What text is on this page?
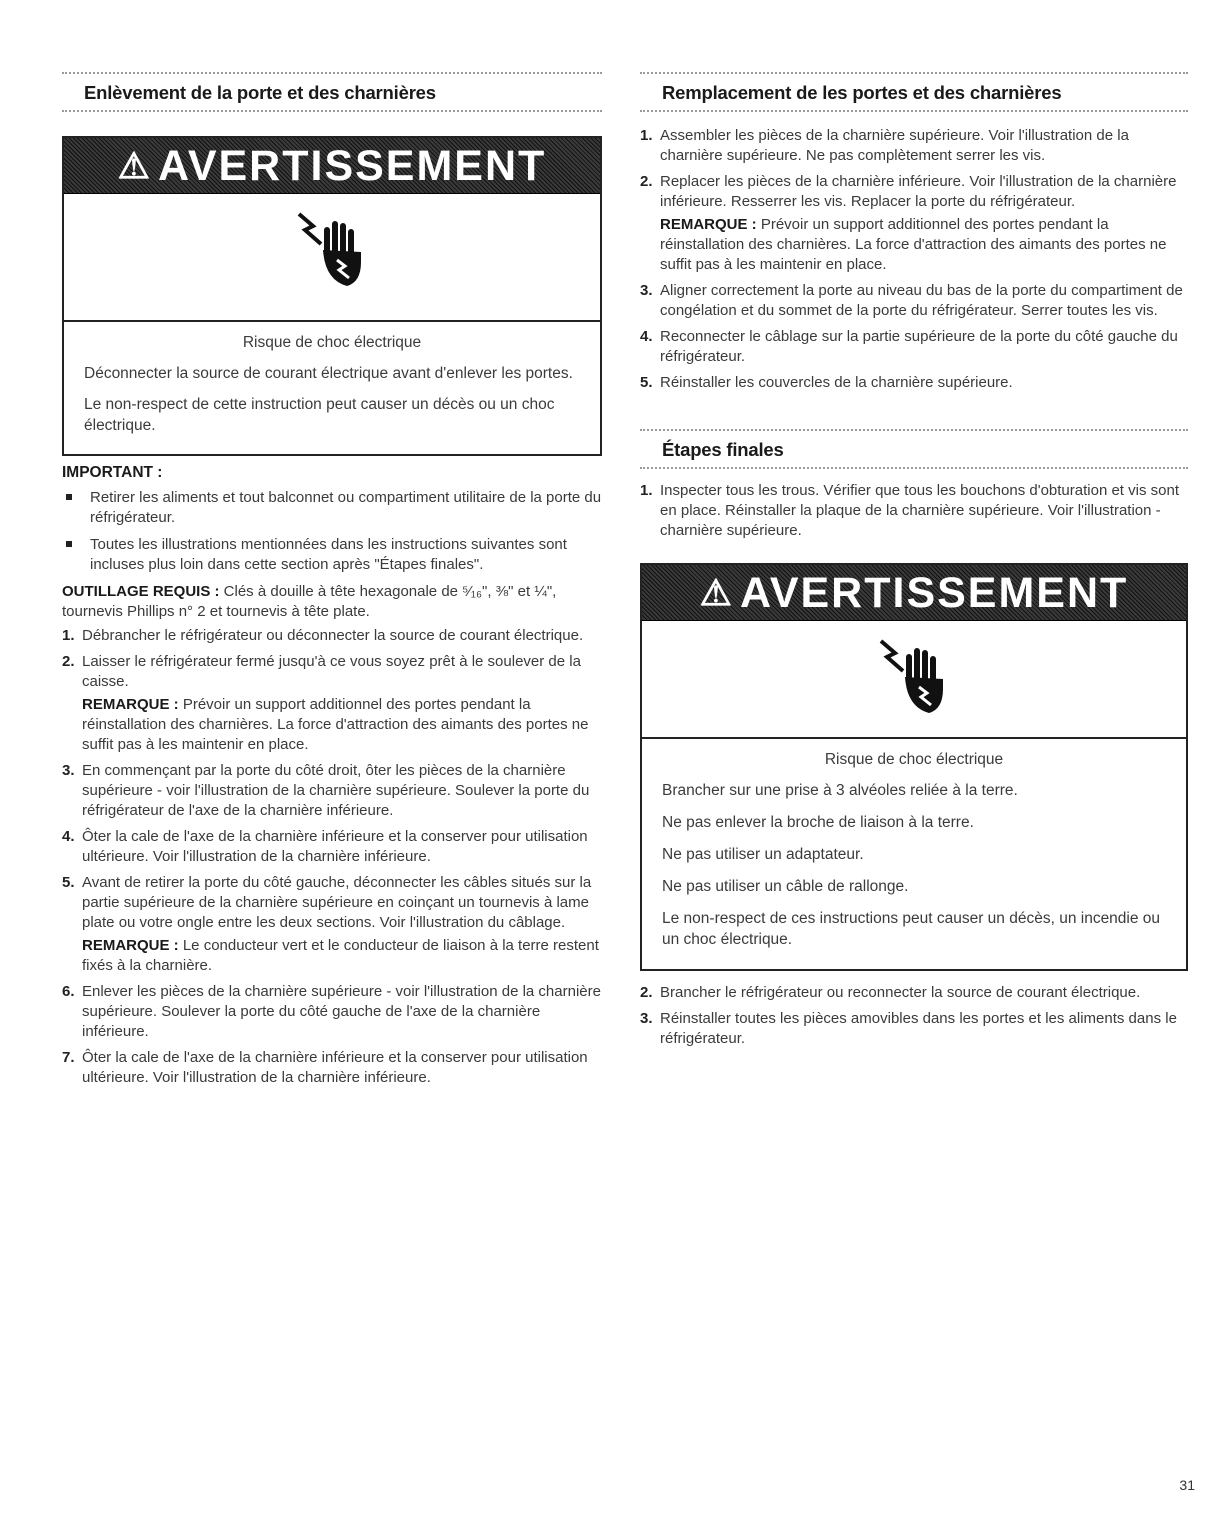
Enlèvement de la porte et des charnières
⚠ AVERTISSEMENT
Risque de choc électrique

Déconnecter la source de courant électrique avant d'enlever les portes.

Le non-respect de cette instruction peut causer un décès ou un choc électrique.

IMPORTANT :
Retirer les aliments et tout balconnet ou compartiment utilitaire de la porte du réfrigérateur.
Toutes les illustrations mentionnées dans les instructions suivantes sont incluses plus loin dans cette section après "Étapes finales".
OUTILLAGE REQUIS : Clés à douille à tête hexagonale de ⁵⁄₁₆", ⅜" et ¼", tournevis Phillips n° 2 et tournevis à tête plate.
1. Débrancher le réfrigérateur ou déconnecter la source de courant électrique.
2. Laisser le réfrigérateur fermé jusqu'à ce vous soyez prêt à le soulever de la caisse.
REMARQUE : Prévoir un support additionnel des portes pendant la réinstallation des charnières. La force d'attraction des aimants des portes ne suffit pas à les maintenir en place.
3. En commençant par la porte du côté droit, ôter les pièces de la charnière supérieure - voir l'illustration de la charnière supérieure. Soulever la porte du réfrigérateur de l'axe de la charnière inférieure.
4. Ôter la cale de l'axe de la charnière inférieure et la conserver pour utilisation ultérieure. Voir l'illustration de la charnière inférieure.
5. Avant de retirer la porte du côté gauche, déconnecter les câbles situés sur la partie supérieure de la charnière supérieure en coinçant un tournevis à lame plate ou votre ongle entre les deux sections. Voir l'illustration du câblage.
REMARQUE : Le conducteur vert et le conducteur de liaison à la terre restent fixés à la charnière.
6. Enlever les pièces de la charnière supérieure - voir l'illustration de la charnière supérieure. Soulever la porte du côté gauche de l'axe de la charnière inférieure.
7. Ôter la cale de l'axe de la charnière inférieure et la conserver pour utilisation ultérieure. Voir l'illustration de la charnière inférieure.
Remplacement de les portes et des charnières
1. Assembler les pièces de la charnière supérieure. Voir l'illustration de la charnière supérieure. Ne pas complètement serrer les vis.
2. Replacer les pièces de la charnière inférieure. Voir l'illustration de la charnière inférieure. Resserrer les vis. Replacer la porte du réfrigérateur.
REMARQUE : Prévoir un support additionnel des portes pendant la réinstallation des charnières. La force d'attraction des aimants des portes ne suffit pas à les maintenir en place.
3. Aligner correctement la porte au niveau du bas de la porte du compartiment de congélation et du sommet de la porte du réfrigérateur. Serrer toutes les vis.
4. Reconnecter le câblage sur la partie supérieure de la porte du côté gauche du réfrigérateur.
5. Réinstaller les couvercles de la charnière supérieure.
Étapes finales
1. Inspecter tous les trous. Vérifier que tous les bouchons d'obturation et vis sont en place. Réinstaller la plaque de la charnière supérieure. Voir l'illustration - charnière supérieure.
⚠ AVERTISSEMENT
Risque de choc électrique

Brancher sur une prise à 3 alvéoles reliée à la terre.

Ne pas enlever la broche de liaison à la terre.

Ne pas utiliser un adaptateur.

Ne pas utiliser un câble de rallonge.

Le non-respect de ces instructions peut causer un décès, un incendie ou un choc électrique.

2. Brancher le réfrigérateur ou reconnecter la source de courant électrique.
3. Réinstaller toutes les pièces amovibles dans les portes et les aliments dans le réfrigérateur.
31
